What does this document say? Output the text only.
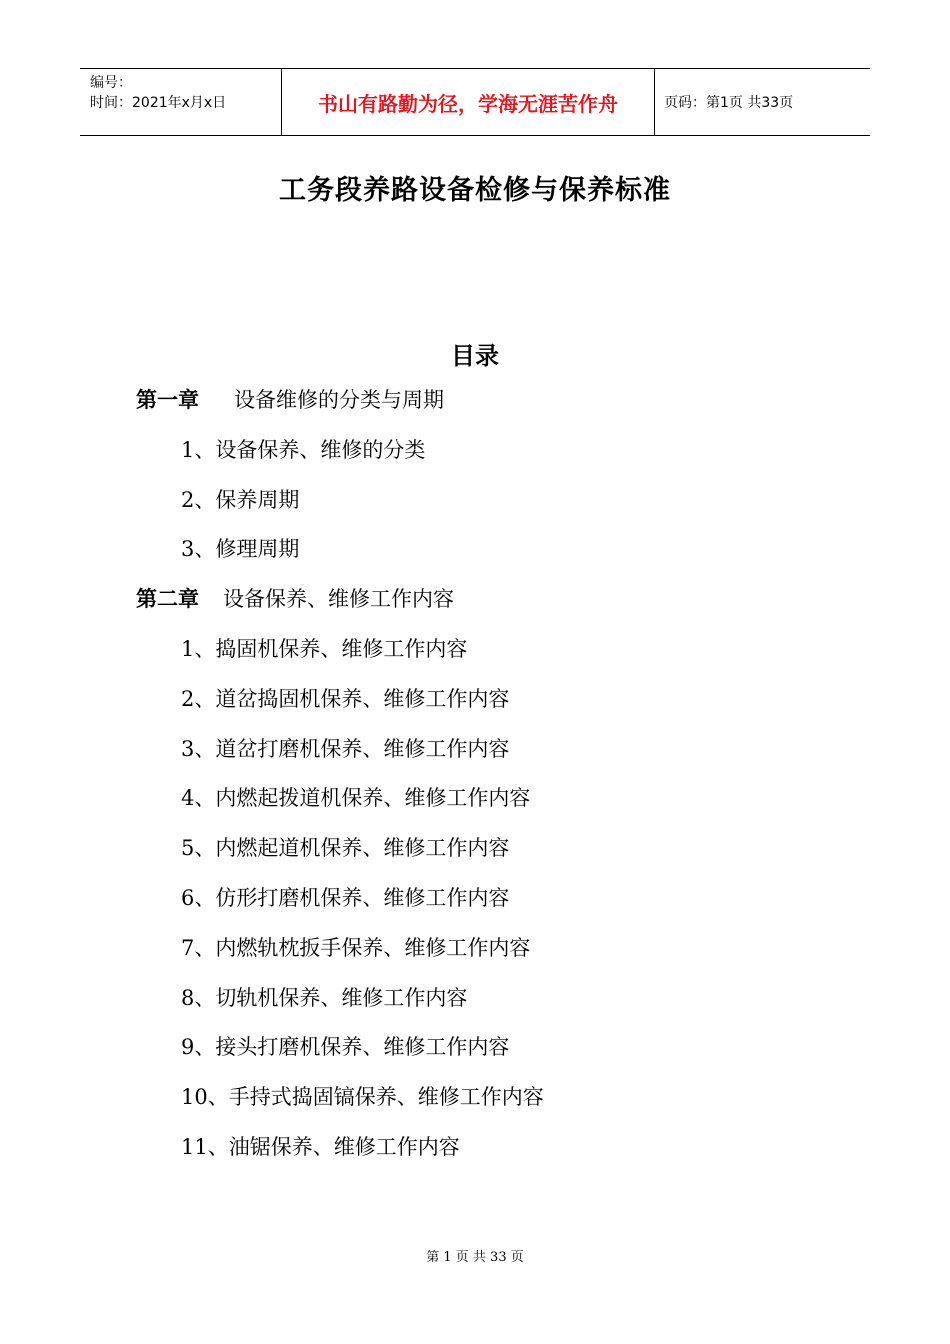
编号：
时间：2021年x月x日	书山有路勤为径，学海无涯苦作舟	页码：第1页 共33页
工务段养路设备检修与保养标准
目录
第一章 设备维修的分类与周期
1、设备保养、维修的分类
2、保养周期
3、修理周期
第二章 设备保养、维修工作内容
1、捣固机保养、维修工作内容
2、道岔捣固机保养、维修工作内容
3、道岔打磨机保养、维修工作内容
4、内燃起拨道机保养、维修工作内容
5、内燃起道机保养、维修工作内容
6、仿形打磨机保养、维修工作内容
7、内燃轨枕扳手保养、维修工作内容
8、切轨机保养、维修工作内容
9、接头打磨机保养、维修工作内容
10、手持式捣固镐保养、维修工作内容
11、油锯保养、维修工作内容
第 1 页 共 33 页
